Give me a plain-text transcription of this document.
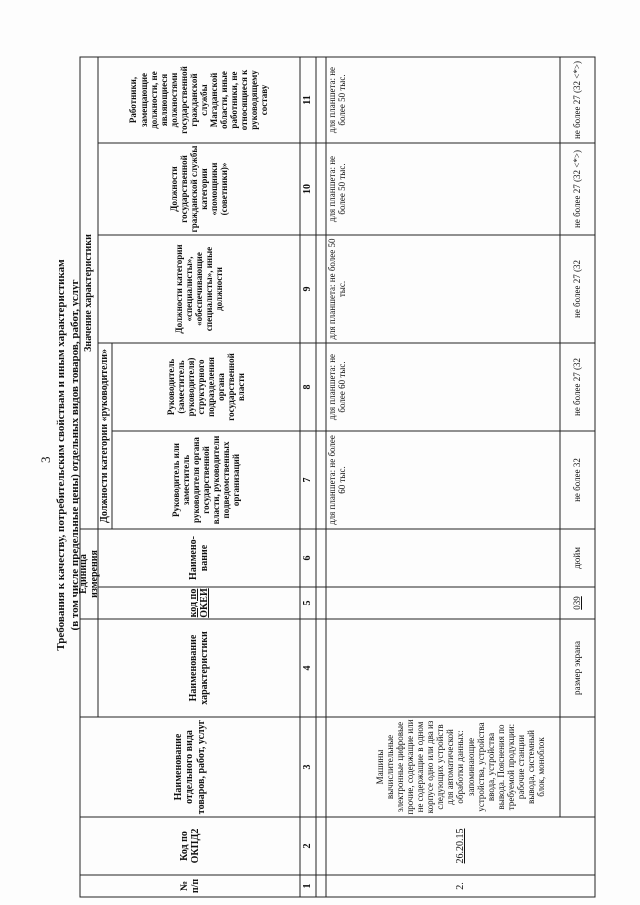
3 Требования к качеству, потребительским свойствам и иным характеристикам (в том числе предельные цены) отдельных видов товаров, работ, услуг
№ п/п
Код по ОКПД2
Наименование отдельного вида товаров, работ, услуг
Наименование характеристики
Единица измерения
код по ОКЕИ
Наимено-вание
Значение характеристики
Должности категории «руководители»	Руководитель или заместитель руководителя органа государственной власти, руководители подведомственных организаций
Руководитель (заместитель руководителя) структурного подразделения органа государственной власти
Должности категории «специалисты», «обеспечивающие специалисты», иные должности
Должности государственной гражданской службы категории «помощники (советники)»
Работники, замещающие должности, не являющиеся должностями государственной гражданской службы Магаданской области, иные работники, не относящиеся к руководящему составу
1
2
3
4
5
6
7
8
9
10
11
2.
26.20.15
Машины вычислительные электронные цифровые прочие, содержащие или не содержащие в одном корпусе одно или два из следующих устройств для автоматической обработки данных: запоминающие устройства, устройства ввода, устройства вывода. Пояснения по требуемой продукции: рабочие станции вывода, системный блок, моноблок
для планшета: не более 60 тыс.
для планшета: не более 60 тыс.
для планшета: не более 50 тыс.
для планшета: не более 50 тыс.
для планшета: не более 50 тыс.
размер экрана
039
дюйм
не более 32
не более 27 (32
не более 27 (32
не более 27 (32 <*>)
не более 27 (32 <*>)
